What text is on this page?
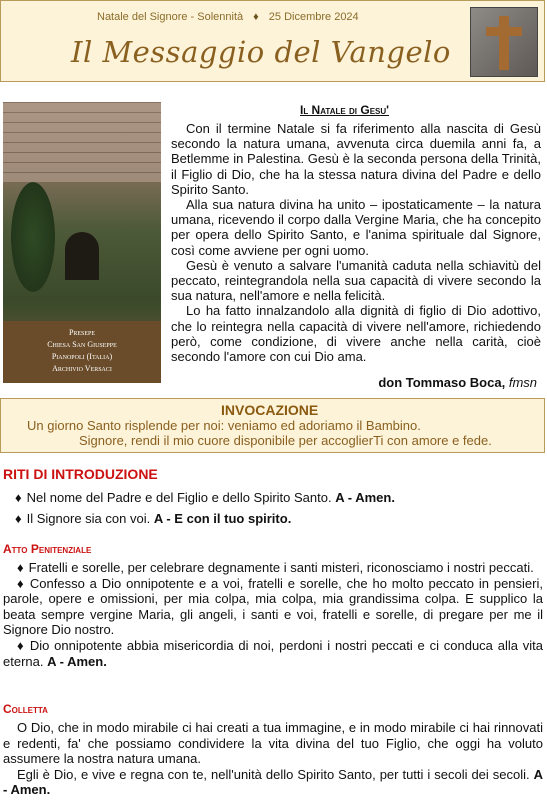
Natale del Signore - Solennità ♦ 25 Dicembre 2024
Il Messaggio del Vangelo
Presepe
Chiesa San Giuseppe
Pianopoli (Italia)
Archivio Versaci
Il Natale di Gesu'

Con il termine Natale si fa riferimento alla nascita di Gesù secondo la natura umana, avvenuta circa duemila anni fa, a Betlemme in Palestina. Gesù è la seconda persona della Trinità, il Figlio di Dio, che ha la stessa natura divina del Padre e dello Spirito Santo.

Alla sua natura divina ha unito – ipostaticamente – la natura umana, ricevendo il corpo dalla Vergine Maria, che ha concepito per opera dello Spirito Santo, e l'anima spirituale dal Signore, così come avviene per ogni uomo.

Gesù è venuto a salvare l'umanità caduta nella schiavitù del peccato, reintegrandola nella sua capacità di vivere secondo la sua natura, nell'amore e nella felicità.

Lo ha fatto innalzandolo alla dignità di figlio di Dio adottivo, che lo reintegra nella capacità di vivere nell'amore, richiedendo però, come condizione, di vivere anche nella carità, cioè secondo l'amore con cui Dio ama.

don Tommaso Boca, fmsn
INVOCAZIONE
Un giorno Santo risplende per noi: veniamo ed adoriamo il Bambino.
Signore, rendi il mio cuore disponibile per accoglierTi con amore e fede.
RITI DI INTRODUZIONE

♦ Nel nome del Padre e del Figlio e dello Spirito Santo. A - Amen.

♦ Il Signore sia con voi. A - E con il tuo spirito.

Atto Penitenziale

♦ Fratelli e sorelle, per celebrare degnamente i santi misteri, riconosciamo i nostri peccati.

♦ Confesso a Dio onnipotente e a voi, fratelli e sorelle, che ho molto peccato in pensieri, parole, opere e omissioni, per mia colpa, mia colpa, mia grandissima colpa. E supplico la beata sempre vergine Maria, gli angeli, i santi e voi, fratelli e sorelle, di pregare per me il Signore Dio nostro.

♦ Dio onnipotente abbia misericordia di noi, perdoni i nostri peccati e ci conduca alla vita eterna. A - Amen.

Colletta

O Dio, che in modo mirabile ci hai creati a tua immagine, e in modo mirabile ci hai rinnovati e redenti, fa' che possiamo condividere la vita divina del tuo Figlio, che oggi ha voluto assumere la nostra natura umana.

Egli è Dio, e vive e regna con te, nell'unità dello Spirito Santo, per tutti i secoli dei secoli. A - Amen.
